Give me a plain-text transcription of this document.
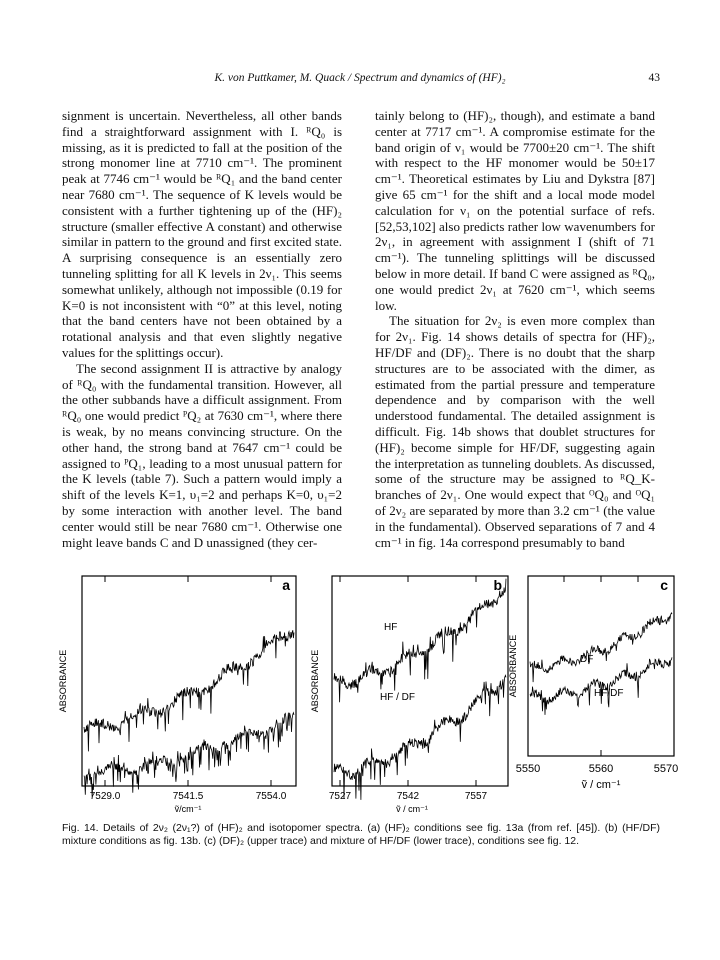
K. von Puttkamer, M. Quack / Spectrum and dynamics of (HF)₂	43

signment is uncertain. Nevertheless, all other bands find a straightforward assignment with I. ᴿQ₀ is missing, as it is predicted to fall at the position of the strong monomer line at 7710 cm⁻¹. The prominent peak at 7746 cm⁻¹ would be ᴿQ₁ and the band center near 7680 cm⁻¹. The sequence of K levels would be consistent with a further tightening up of the (HF)₂ structure (smaller effective A constant) and otherwise similar in pattern to the ground and first excited state. A surprising consequence is an essentially zero tunneling splitting for all K levels in 2ν₁. This seems somewhat unlikely, although not impossible (0.19 for K=0 is not inconsistent with “0” at this level, noting that the band centers have not been obtained by a rotational analysis and that even slightly negative values for the splittings occur).

The second assignment II is attractive by analogy of ᴿQ₀ with the fundamental transition. However, all the other subbands have a difficult assignment. From ᴿQ₀ one would predict ᴾQ₂ at 7630 cm⁻¹, where there is weak, by no means convincing structure. On the other hand, the strong band at 7647 cm⁻¹ could be assigned to ᴾQ₁, leading to a most unusual pattern for the K levels (table 7). Such a pattern would imply a shift of the levels K=1, υ₁=2 and perhaps K=0, υ₁=2 by some interaction with another level. The band center would still be near 7680 cm⁻¹. Otherwise one might leave bands C and D unassigned (they cer-

tainly belong to (HF)₂, though), and estimate a band center at 7717 cm⁻¹. A compromise estimate for the band origin of ν₁ would be 7700±20 cm⁻¹. The shift with respect to the HF monomer would be 50±17 cm⁻¹. Theoretical estimates by Liu and Dykstra [87] give 65 cm⁻¹ for the shift and a local mode model calculation for ν₁ on the potential surface of refs. [52,53,102] also predicts rather low wavenumbers for 2ν₁, in agreement with assignment I (shift of 71 cm⁻¹). The tunneling splittings will be discussed below in more detail. If band C were assigned as ᴿQ₀, one would predict 2ν₁ at 7620 cm⁻¹, which seems low.

The situation for 2ν₂ is even more complex than for 2ν₁. Fig. 14 shows details of spectra for (HF)₂, HF/DF and (DF)₂. There is no doubt that the sharp structures are to be associated with the dimer, as estimated from the partial pressure and temperature dependence and by comparison with the well understood fundamental. The detailed assignment is difficult. Fig. 14b shows that doublet structures for (HF)₂ become simple for HF/DF, suggesting again the interpretation as tunneling doublets. As discussed, some of the structure may be assigned to ᴿQ_K-branches of 2ν₁. One would expect that ᴼQ₀ and ᴼQ₁ of 2ν₂ are separated by more than 3.2 cm⁻¹ (the value in the fundamental). Observed separations of 7 and 4 cm⁻¹ in fig. 14a correspond presumably to band

ABSORBANCE
a
7529.0	7541.5	7554.0
ṽ/cm⁻¹
ABSORBANCE
b
HF
HF / DF
7527	7542	7557
ṽ / cm⁻¹
ABSORBANCE
c
DF
HF/DF
5550	5560	5570
ṽ / cm⁻¹
Fig. 14. Details of 2ν₂ (2ν₁?) of (HF)₂ and isotopomer spectra. (a) (HF)₂ conditions see fig. 13a (from ref. [45]). (b) (HF/DF) mixture conditions as fig. 13b. (c) (DF)₂ (upper trace) and mixture of HF/DF (lower trace), conditions see fig. 12.
